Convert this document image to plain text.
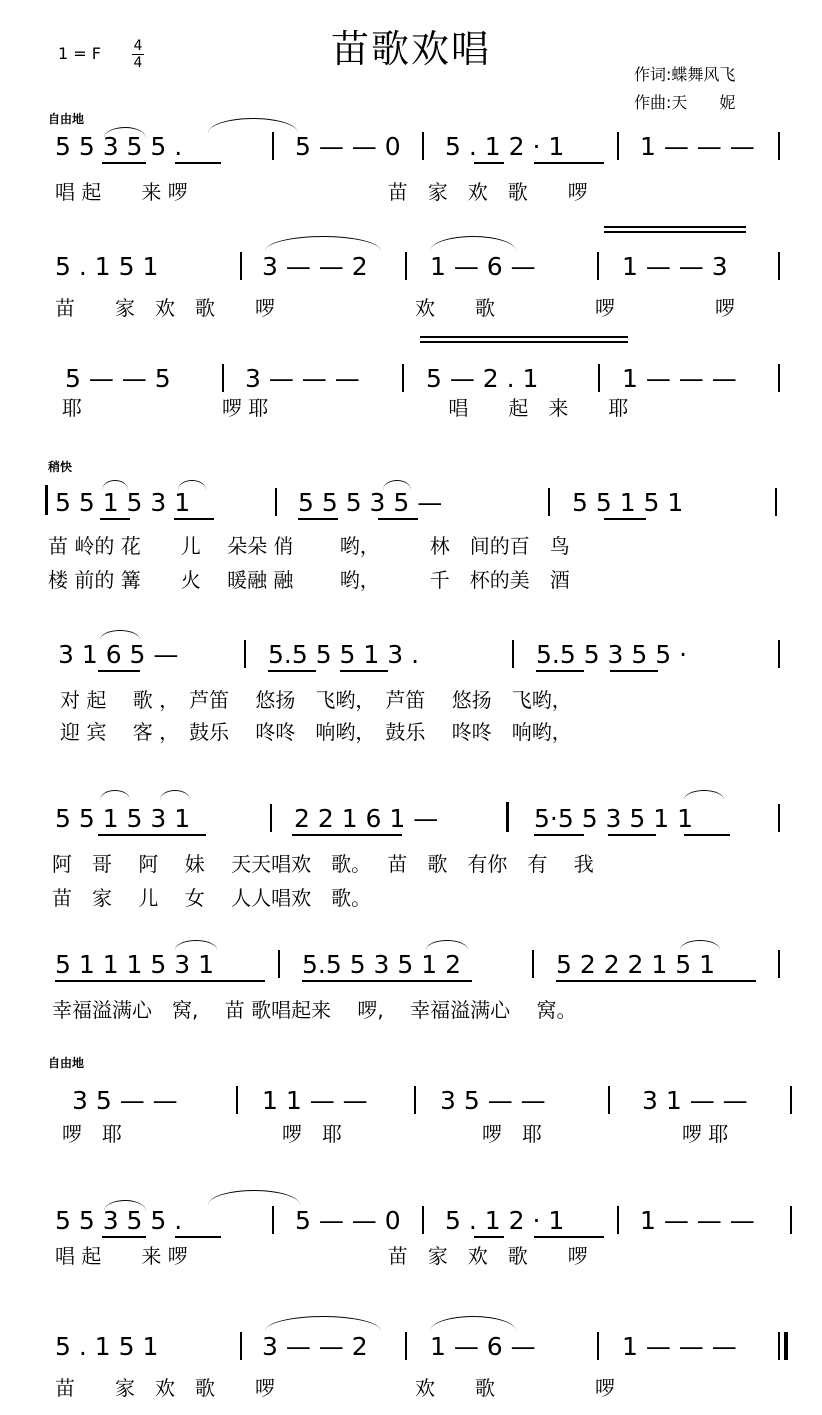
苗歌欢唱
1 = F 4
4
作词:蝶舞风飞
作曲:天　　妮
自由地
稍快
自由地
5 5 3 5 5 .	5 — — 0 5 . 1 2 · 1	1 — — —
唱 起　　来 啰　　　　　　　　　　苗　家　欢　歌　　啰
5 . 1 5 1	3 — — 2 1 — 6 —	1 — — 3
苗　　家　欢　歌　　啰　　　　　　　欢　　歌　　　　　啰　　　　　啰
5 — — 5	3 — — —	5 — 2 . 1	1 — — —
耶　　　　　　　啰 耶　　　　　　　　　唱　　起　来　　耶
5 5 1 5 3 1	5 5 5 3 5 —	5 5 1 5 1
苗 岭的 花　　儿　 朵朵 俏　　 哟，　　　林　间的百　鸟
楼 前的 篝　　火　 暖融 融　　 哟，　　　千　杯的美　酒
3 1 6 5 —	5.5 5 5 1 3 .	5.5 5 3 5 5 ·
对 起　 歌 ，　芦笛　 悠扬　飞哟，　芦笛　 悠扬　飞哟，
迎 宾　 客 ，　鼓乐　 咚咚　响哟，　鼓乐　 咚咚　响哟，
5 5 1 5 3 1	2 2 1 6 1 —	5·5 5 3 5 1 1
阿　哥　 阿　 妹　 天天唱欢　歌。　 苗　歌　有你　有　 我
苗　家　 儿　 女　 人人唱欢　歌。
5 1 1 1 5 3 1	5.5 5 3 5 1 2	5 2 2 2 1 5 1
幸福溢满心　窝,　 苗 歌唱起来　 啰,　 幸福溢满心　 窝。
3 5 — —	1 1 — —	3 5 — —	3 1 — —
啰　耶　　　　　　　　啰　耶　　　　　　　啰　耶　　　　　　　啰 耶
5 5 3 5 5 .	5 — — 0 5 . 1 2 · 1	1 — — —
唱 起　　来 啰　　　　　　　　　　苗　家　欢　歌　　啰
5 . 1 5 1	3 — — 2 1 — 6 —	1 — — —
苗　　家　欢　歌　　啰　　　　　　　欢　　歌　　　　　啰
